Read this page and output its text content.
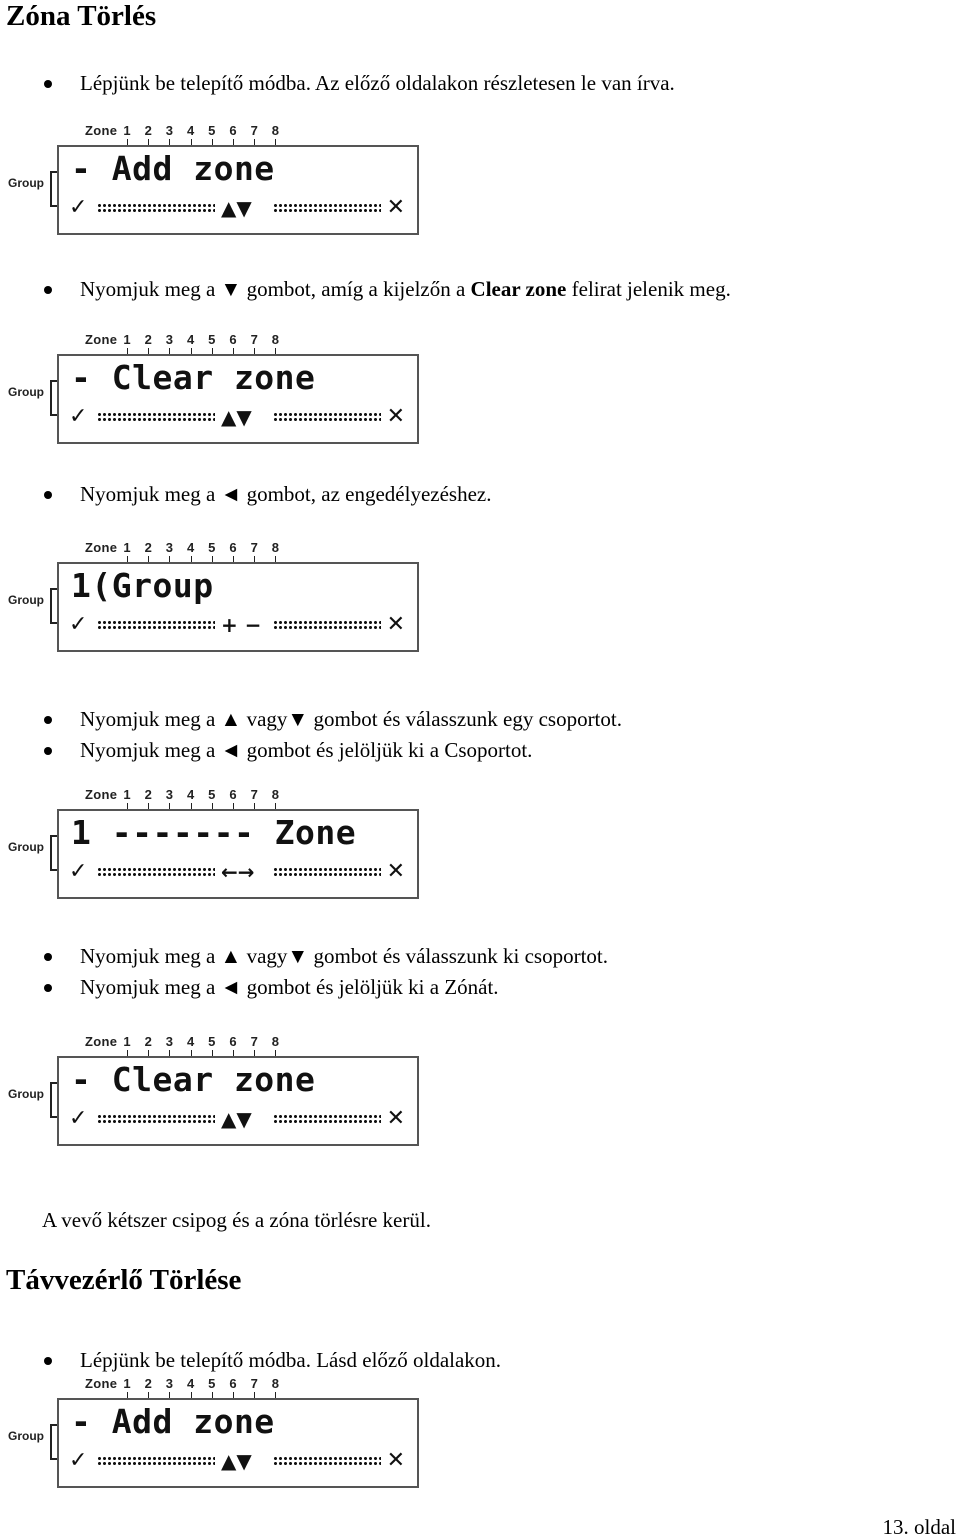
Zóna Törlés
Lépjünk be telepítő módba. Az előző oldalakon részletesen le van írva.
Zone 1 2 3 4 5 6 7 8
Group - Add zone
✓	▲▼	✕
Nyomjuk meg a ▼ gombot, amíg a kijelzőn a Clear zone felirat jelenik meg.
Zone 1 2 3 4 5 6 7 8
Group - Clear zone
✓	▲▼	✕
Nyomjuk meg a ◄ gombot, az engedélyezéshez.
Zone 1 2 3 4 5 6 7 8
Group 1(Group
✓	+ −	✕
Nyomjuk meg a ▲ vagy▼ gombot és válasszunk egy csoportot.
Nyomjuk meg a ◄ gombot és jelöljük ki a Csoportot.
Zone 1 2 3 4 5 6 7 8
Group 1 ------- Zone
✓	←→	✕
Nyomjuk meg a ▲ vagy▼ gombot és válasszunk ki csoportot.
Nyomjuk meg a ◄ gombot és jelöljük ki a Zónát.
Zone 1 2 3 4 5 6 7 8
Group - Clear zone
✓	▲▼	✕
A vevő kétszer csipog és a zóna törlésre kerül.
Távvezérlő Törlése
Lépjünk be telepítő módba. Lásd előző oldalakon.
Zone 1 2 3 4 5 6 7 8
Group - Add zone
✓	▲▼	✕
13. oldal
